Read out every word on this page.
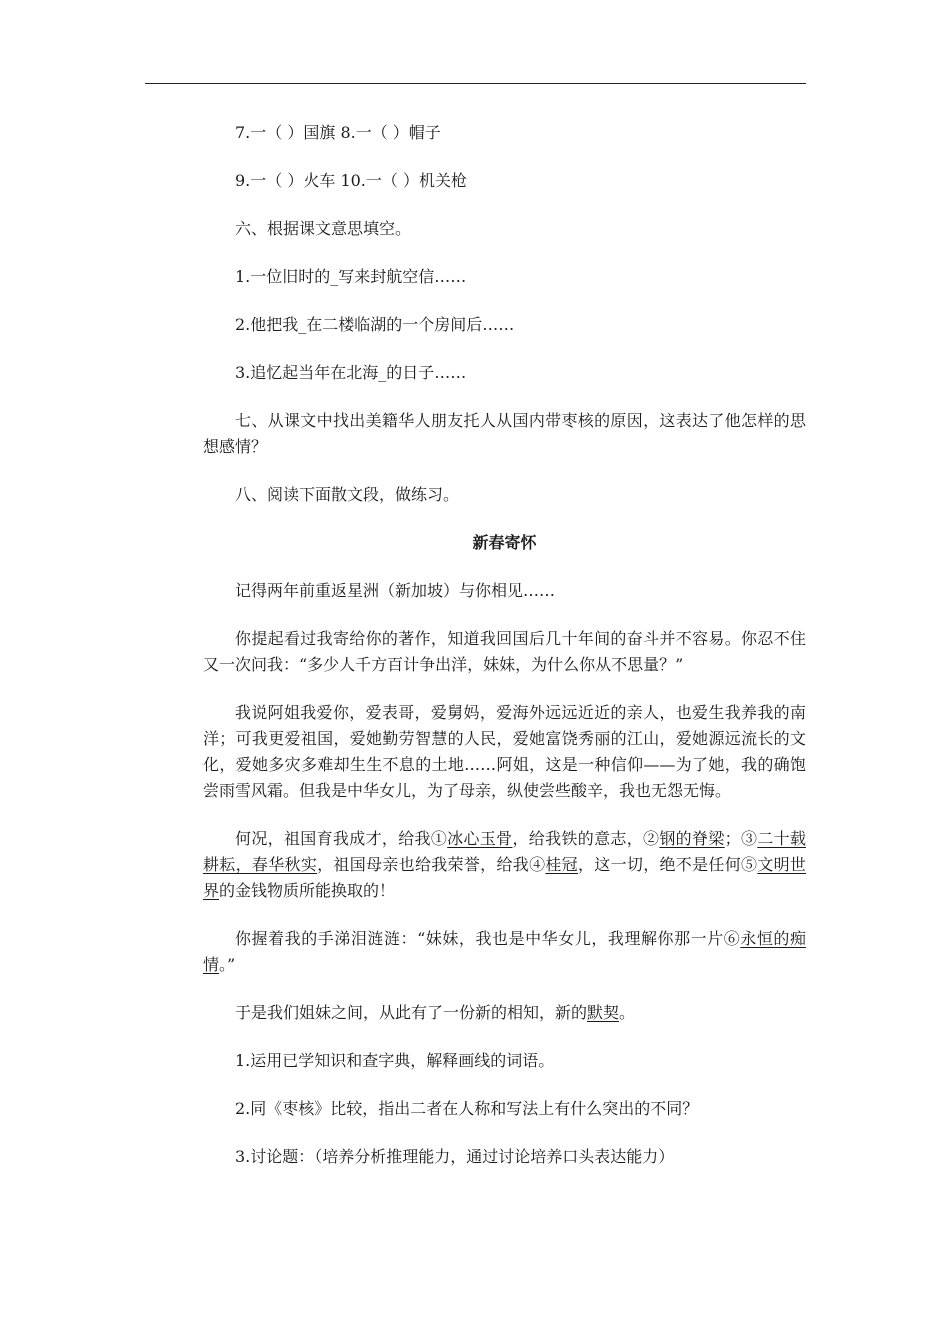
7.一（ ）国旗 8.一（ ）帽子

9.一（ ）火车 10.一（ ）机关枪

六、根据课文意思填空。

1.一位旧时的_写来封航空信……

2.他把我_在二楼临湖的一个房间后……

3.追忆起当年在北海_的日子……

七、从课文中找出美籍华人朋友托人从国内带枣核的原因，这表达了他怎样的思想感情？

八、阅读下面散文段，做练习。

新春寄怀

记得两年前重返星洲（新加坡）与你相见……

你提起看过我寄给你的著作，知道我回国后几十年间的奋斗并不容易。你忍不住又一次问我：“多少人千方百计争出洋，妹妹，为什么你从不思量？”

我说阿姐我爱你，爱表哥，爱舅妈，爱海外远远近近的亲人，也爱生我养我的南洋；可我更爱祖国，爱她勤劳智慧的人民，爱她富饶秀丽的江山，爱她源远流长的文化，爱她多灾多难却生生不息的土地……阿姐，这是一种信仰——为了她，我的确饱尝雨雪风霜。但我是中华女儿，为了母亲，纵使尝些酸辛，我也无怨无悔。

何况，祖国育我成才，给我①冰心玉骨，给我铁的意志，②钢的脊梁；③二十载耕耘，春华秋实，祖国母亲也给我荣誉，给我④桂冠，这一切，绝不是任何⑤文明世界的金钱物质所能换取的！

你握着我的手涕泪涟涟：“妹妹，我也是中华女儿，我理解你那一片⑥永恒的痴情。”

于是我们姐妹之间，从此有了一份新的相知，新的默契。

1.运用已学知识和查字典，解释画线的词语。

2.同《枣核》比较，指出二者在人称和写法上有什么突出的不同？

3.讨论题：（培养分析推理能力，通过讨论培养口头表达能力）
